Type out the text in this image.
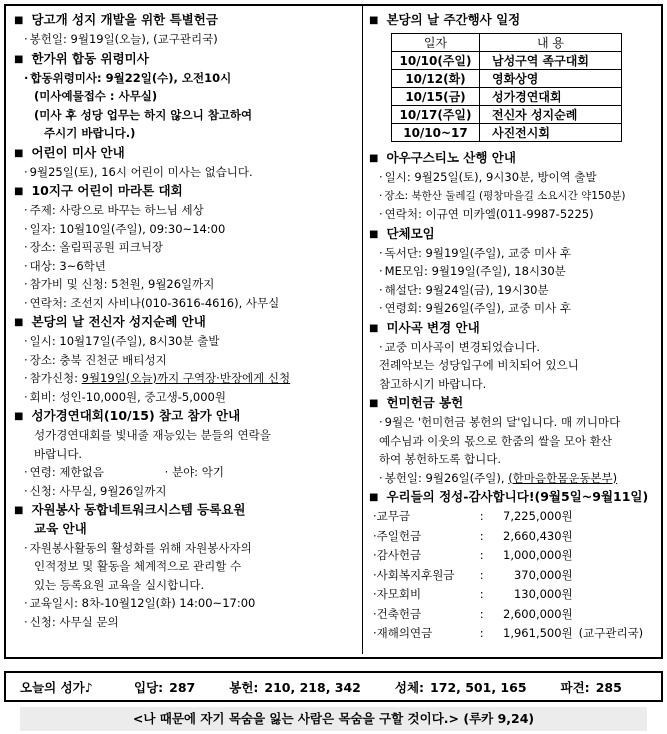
■ 당고개 성지 개발을 위한 특별헌금
· 봉헌일: 9월19일(오늘), (교구관리국)
■ 한가위 합동 위령미사
· 합동위령미사: 9월22일(수), 오전10시
(미사예물접수 : 사무실)
(미사 후 성당 업무는 하지 않으니 참고하여
주시기 바랍니다.)
■ 어린이 미사 안내
· 9월25일(토), 16시 어린이 미사는 없습니다.
■ 10지구 어린이 마라톤 대회
· 주제: 사랑으로 바꾸는 하느님 세상
· 일자: 10월10일(주일), 09:30~14:00
· 장소: 올림픽공원 피크닉장
· 대상: 3~6학년
· 참가비 및 신청: 5천원, 9월26일까지
· 연락처: 조선지 사비나(010-3616-4616), 사무실
■ 본당의 날 전신자 성지순례 안내
· 일시: 10월17일(주일), 8시30분 출발
· 장소: 충북 진천군 배티성지
· 참가신청: 9월19일(오늘)까지 구역장·반장에게 신청
· 회비: 성인-10,000원, 중고생-5,000원
■ 성가경연대회(10/15) 참고 참가 안내
성가경연대회를 빛내줄 재능있는 분들의 연락을
바랍니다.
· 연령: 제한없음	· 분야: 악기
· 신청: 사무실, 9월26일까지
■ 자원봉사 동합네트워크시스템 등록요원
교육 안내
· 자원봉사활동의 활성화를 위해 자원봉사자의
인적정보 및 활동을 체계적으로 관리할 수
있는 등록요원 교육을 실시합니다.
· 교육일시: 8차-10월12일(화) 14:00~17:00
· 신청: 사무실 문의
■ 본당의 날 주간행사 일정
일자	내 용
10/10(주일)	남성구역 족구대회
10/12(화)	영화상영
10/15(금)	성가경연대회
10/17(주일)	전신자 성지순례
10/10~17	사진전시회
■ 아우구스티노 산행 안내
· 일시: 9월25일(토), 9시30분, 방이역 출발
· 장소: 북한산 둘레길 (평창마을길 소요시간 약150분)
· 연락처: 이규연 미카엘(011-9987-5225)
■ 단체모임
· 독서단: 9월19일(주일), 교중 미사 후
· ME모임: 9월19일(주일), 18시30분
· 해설단: 9월24일(금), 19시30분
· 연령회: 9월26일(주일), 교중 미사 후
■ 미사곡 변경 안내
· 교중 미사곡이 변경되었습니다.
전례악보는 성당입구에 비치되어 있으니
참고하시기 바랍니다.
■ 헌미헌금 봉헌
· 9월은 '헌미헌금 봉헌의 달'입니다. 매 끼니마다
예수님과 이웃의 몫으로 한줌의 쌀을 모아 환산
하여 봉헌하도록 합니다.
· 봉헌일: 9월26일(주일), (한마음한몸운동본부)
■ 우리들의 정성-감사합니다!(9월5일~9월11일)
· 교무금	:	7,225,000원
· 주일헌금	:	2,660,430원
· 감사헌금	:	1,000,000원
· 사회복지후원금	:	370,000원
· 자모회비	:	130,000원
· 건축헌금	:	2,600,000원
· 재해의연금	:	1,961,500원 (교구관리국)
오늘의 성가♪	입당: 287	봉헌: 210, 218, 342	성체: 172, 501, 165	파견: 285
<나 때문에 자기 목숨을 잃는 사람은 목숨을 구할 것이다.> (루카 9,24)
